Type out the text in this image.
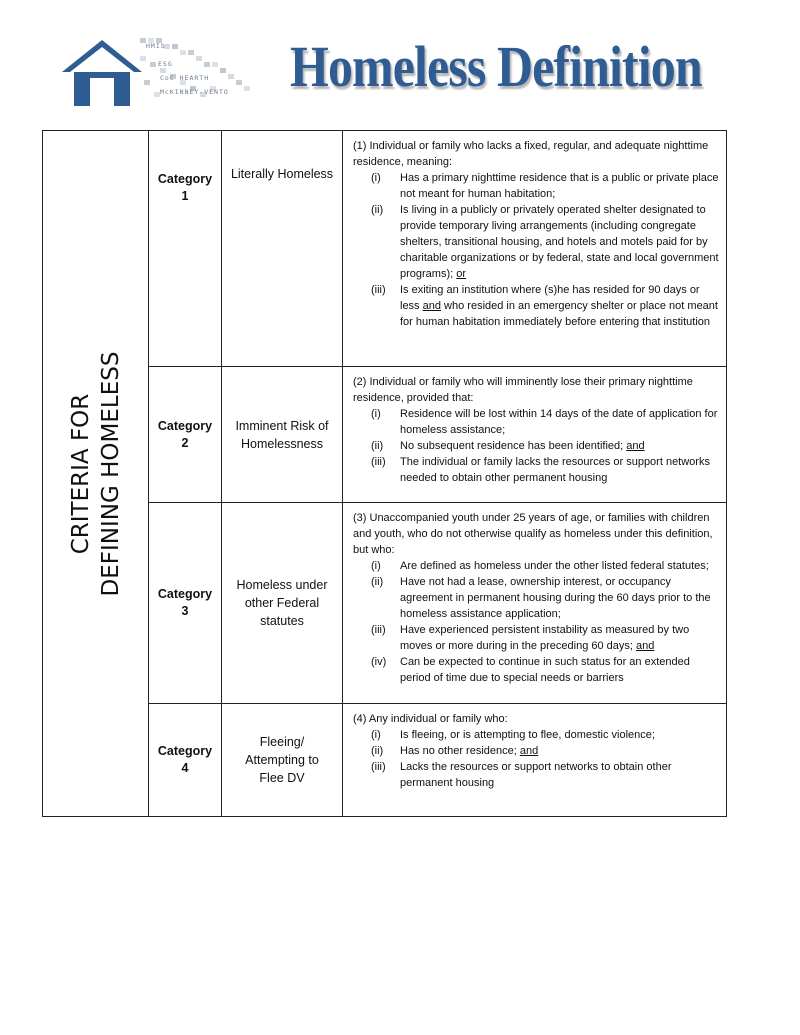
HMIS
ESG
CoC HEARTH
McKINNEY-VENTO Homeless Definition
CRITERIA FOR DEFINING HOMELESS
Category
1
Literally Homeless
(1) Individual or family who lacks a fixed, regular, and adequate nighttime residence, meaning:
(i)	Has a primary nighttime residence that is a public or private place not meant for human habitation;
(ii)	Is living in a publicly or privately operated shelter designated to provide temporary living arrangements (including congregate shelters, transitional housing, and hotels and motels paid for by charitable organizations or by federal, state and local government programs); or
(iii)	Is exiting an institution where (s)he has resided for 90 days or less and who resided in an emergency shelter or place not meant for human habitation immediately before entering that institution
Category
2
Imminent Risk of Homelessness
(2) Individual or family who will imminently lose their primary nighttime residence, provided that:
(i)	Residence will be lost within 14 days of the date of application for homeless assistance;
(ii)	No subsequent residence has been identified; and
(iii)	The individual or family lacks the resources or support networks needed to obtain other permanent housing
Category
3
Homeless under other Federal statutes
(3) Unaccompanied youth under 25 years of age, or families with children and youth, who do not otherwise qualify as homeless under this definition, but who:
(i)	Are defined as homeless under the other listed federal statutes;
(ii)	Have not had a lease, ownership interest, or occupancy agreement in permanent housing during the 60 days prior to the homeless assistance application;
(iii)	Have experienced persistent instability as measured by two moves or more during in the preceding 60 days; and
(iv)	Can be expected to continue in such status for an extended period of time due to special needs or barriers
Category
4
Fleeing/ Attempting to Flee DV
(4) Any individual or family who:
(i)	Is fleeing, or is attempting to flee, domestic violence;
(ii)	Has no other residence; and
(iii)	Lacks the resources or support networks to obtain other permanent housing
